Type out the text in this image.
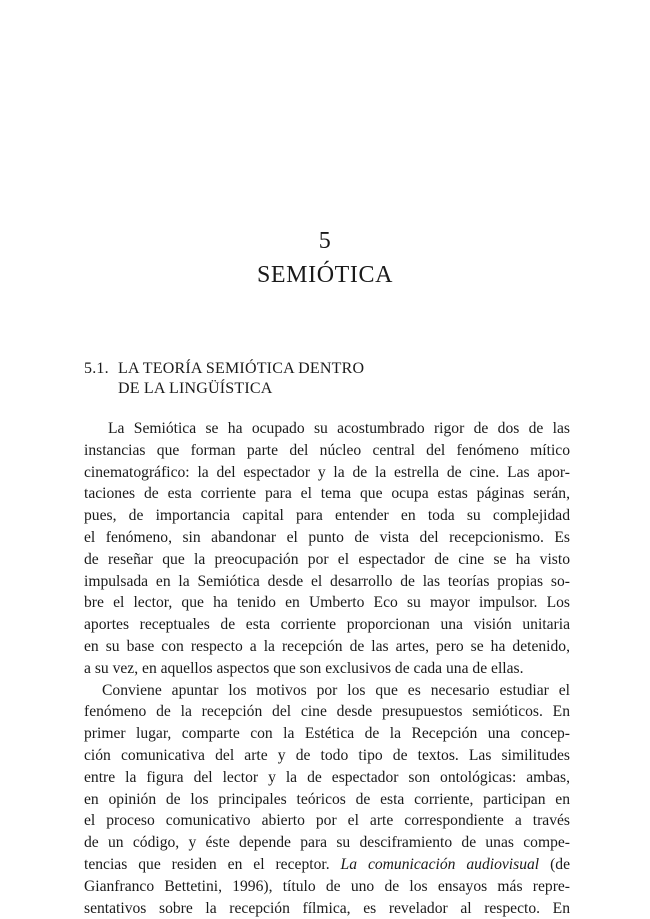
5
SEMIÓTICA
5.1. LA TEORÍA SEMIÓTICA DENTRO
DE LA LINGÜÍSTICA
La Semiótica se ha ocupado su acostumbrado rigor de dos de las
instancias que forman parte del núcleo central del fenómeno mítico
cinematográfico: la del espectador y la de la estrella de cine. Las apor-
taciones de esta corriente para el tema que ocupa estas páginas serán,
pues, de importancia capital para entender en toda su complejidad
el fenómeno, sin abandonar el punto de vista del recepcionismo. Es
de reseñar que la preocupación por el espectador de cine se ha visto
impulsada en la Semiótica desde el desarrollo de las teorías propias so-
bre el lector, que ha tenido en Umberto Eco su mayor impulsor. Los
aportes receptuales de esta corriente proporcionan una visión unitaria
en su base con respecto a la recepción de las artes, pero se ha detenido,
a su vez, en aquellos aspectos que son exclusivos de cada una de ellas.
Conviene apuntar los motivos por los que es necesario estudiar el
fenómeno de la recepción del cine desde presupuestos semióticos. En
primer lugar, comparte con la Estética de la Recepción una concep-
ción comunicativa del arte y de todo tipo de textos. Las similitudes
entre la figura del lector y la de espectador son ontológicas: ambas,
en opinión de los principales teóricos de esta corriente, participan en
el proceso comunicativo abierto por el arte correspondiente a través
de un código, y éste depende para su desciframiento de unas compe-
tencias que residen en el receptor. La comunicación audiovisual (de
Gianfranco Bettetini, 1996), título de uno de los ensayos más repre-
sentativos sobre la recepción fílmica, es revelador al respecto. En
